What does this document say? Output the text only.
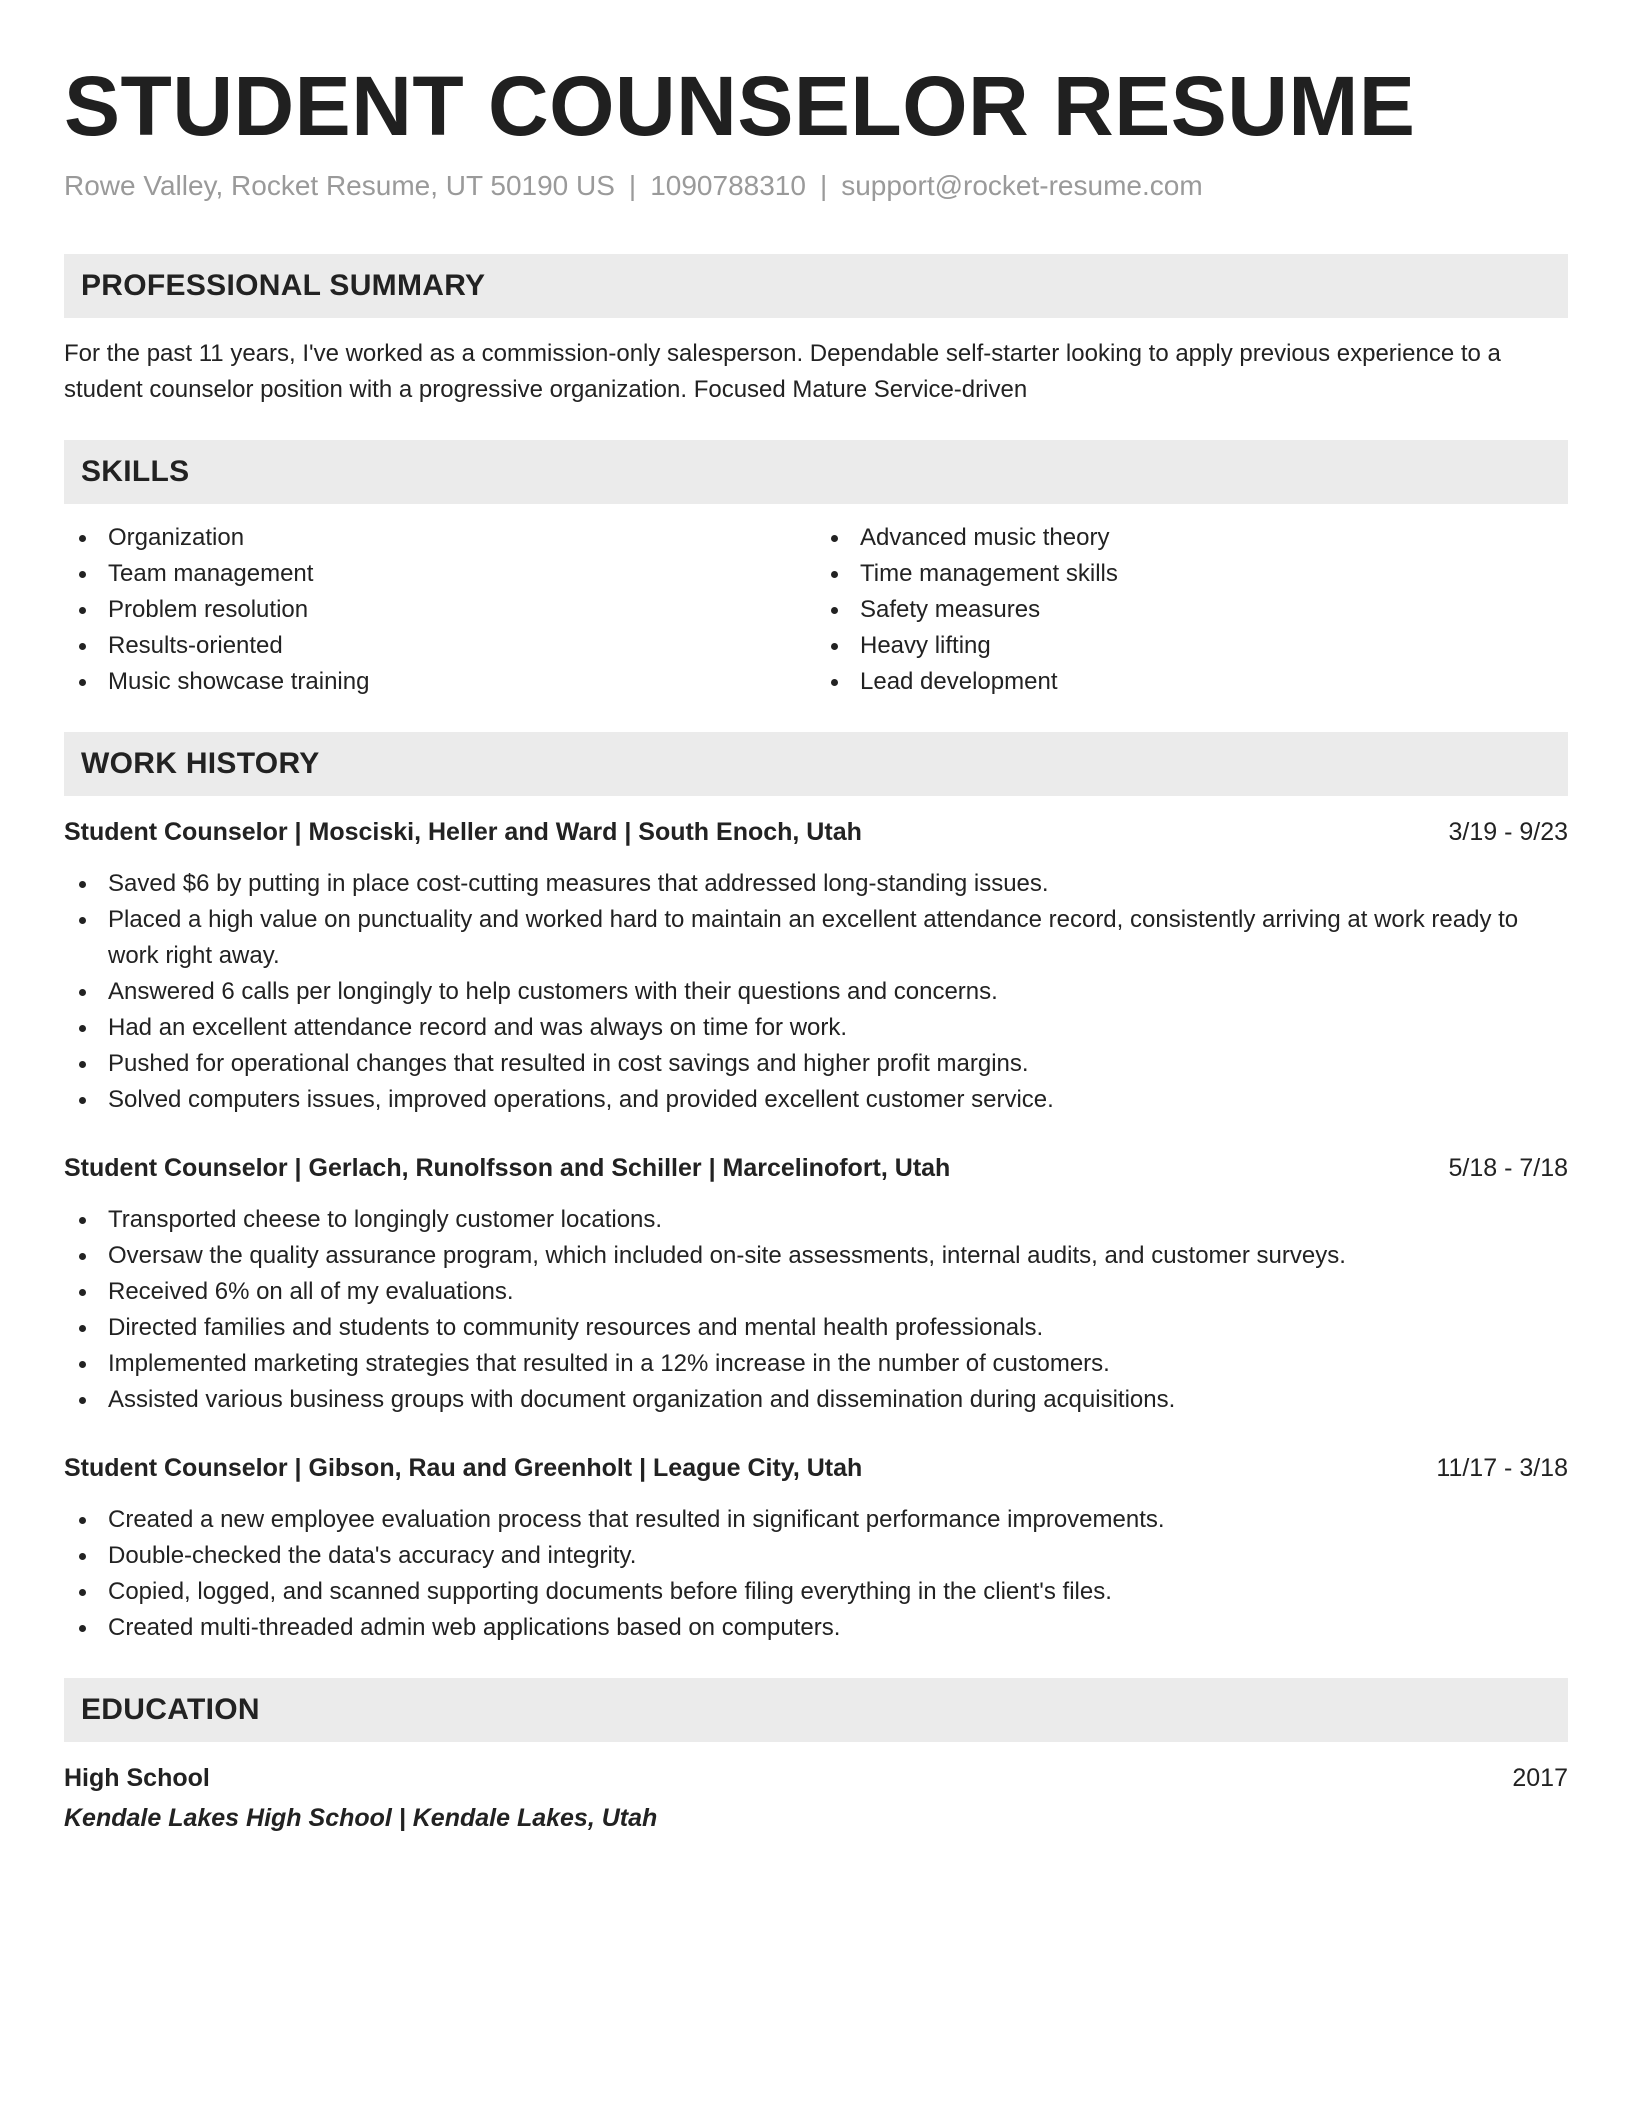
STUDENT COUNSELOR RESUME
Rowe Valley, Rocket Resume, UT 50190 US | 1090788310 | support@rocket-resume.com
PROFESSIONAL SUMMARY

For the past 11 years, I've worked as a commission-only salesperson. Dependable self-starter looking to apply previous experience to a student counselor position with a progressive organization. Focused Mature Service-driven

SKILLS
Organization
Team management
Problem resolution
Results-oriented
Music showcase training
Advanced music theory
Time management skills
Safety measures
Heavy lifting
Lead development
WORK HISTORY
Student Counselor | Mosciski, Heller and Ward | South Enoch, Utah	3/19 - 9/23
Saved $6 by putting in place cost-cutting measures that addressed long-standing issues.
Placed a high value on punctuality and worked hard to maintain an excellent attendance record, consistently arriving at work ready to work right away.
Answered 6 calls per longingly to help customers with their questions and concerns.
Had an excellent attendance record and was always on time for work.
Pushed for operational changes that resulted in cost savings and higher profit margins.
Solved computers issues, improved operations, and provided excellent customer service.
Student Counselor | Gerlach, Runolfsson and Schiller | Marcelinofort, Utah	5/18 - 7/18
Transported cheese to longingly customer locations.
Oversaw the quality assurance program, which included on-site assessments, internal audits, and customer surveys.
Received 6% on all of my evaluations.
Directed families and students to community resources and mental health professionals.
Implemented marketing strategies that resulted in a 12% increase in the number of customers.
Assisted various business groups with document organization and dissemination during acquisitions.
Student Counselor | Gibson, Rau and Greenholt | League City, Utah	11/17 - 3/18
Created a new employee evaluation process that resulted in significant performance improvements.
Double-checked the data's accuracy and integrity.
Copied, logged, and scanned supporting documents before filing everything in the client's files.
Created multi-threaded admin web applications based on computers.
EDUCATION
High School	2017
Kendale Lakes High School | Kendale Lakes, Utah
